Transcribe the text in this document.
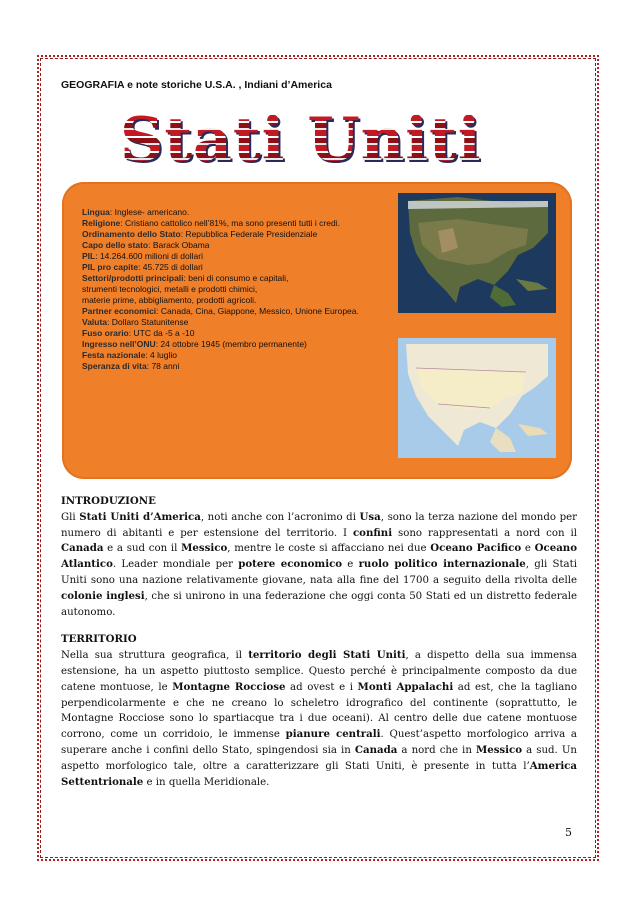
GEOGRAFIA e note storiche U.S.A. , Indiani d’America
Stati Uniti
Lingua: Inglese- americano.
Religione: Cristiano cattolico nell’81%, ma sono presenti tutti i credi.
Ordinamento dello Stato: Repubblica Federale Presidenziale
Capo dello stato: Barack Obama
PIL: 14.264.600 milioni di dollari
PIL pro capite: 45.725 di dollari
Settori/prodotti principali: beni di consumo e capitali,
strumenti tecnologici, metalli e prodotti chimici,
materie prime, abbigliamento, prodotti agricoli.
Partner economici: Canada, Cina, Giappone, Messico, Unione Europea.
Valuta: Dollaro Statunitense
Fuso orario: UTC da -5 a -10
Ingresso nell’ONU: 24 ottobre 1945 (membro permanente)
Festa nazionale: 4 luglio
Speranza di vita: 78 anni
INTRODUZIONE

Gli Stati Uniti d’America, noti anche con l’acronimo di Usa, sono la terza nazione del mondo per numero di abitanti e per estensione del territorio. I confini sono rappresentati a nord con il Canada e a sud con il Messico, mentre le coste si affacciano nei due Oceano Pacifico e Oceano Atlantico. Leader mondiale per potere economico e ruolo politico internazionale, gli Stati Uniti sono una nazione relativamente giovane, nata alla fine del 1700 a seguito della rivolta delle colonie inglesi, che si unirono in una federazione che oggi conta 50 Stati ed un distretto federale autonomo.

TERRITORIO

Nella sua struttura geografica, il territorio degli Stati Uniti, a dispetto della sua immensa estensione, ha un aspetto piuttosto semplice. Questo perché è principalmente composto da due catene montuose, le Montagne Rocciose ad ovest e i Monti Appalachi ad est, che la tagliano perpendicolarmente e che ne creano lo scheletro idrografico del continente (soprattutto, le Montagne Rocciose sono lo spartiacque tra i due oceani). Al centro delle due catene montuose corrono, come un corridoio, le immense pianure centrali. Quest’aspetto morfologico arriva a superare anche i confini dello Stato, spingendosi sia in Canada a nord che in Messico a sud. Un aspetto morfologico tale, oltre a caratterizzare gli Stati Uniti, è presente in tutta l’America Settentrionale e in quella Meridionale.

5
